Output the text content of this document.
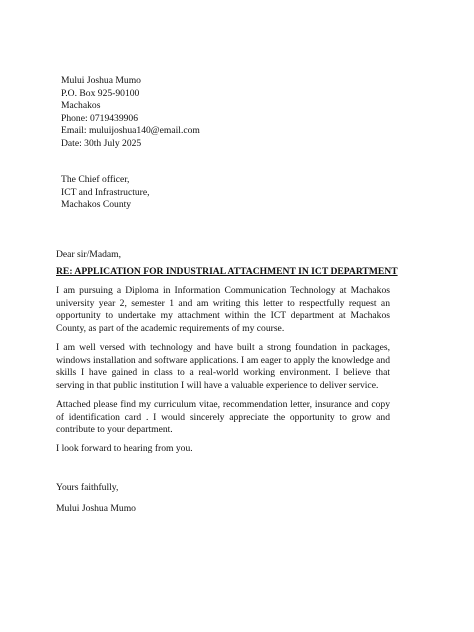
Mului Joshua Mumo
P.O. Box 925-90100
Machakos
Phone: 0719439906
Email: muluijoshua140@email.com
Date: 30th July 2025
The Chief officer,
ICT and Infrastructure,
Machakos County
Dear sir/Madam,
RE: APPLICATION FOR INDUSTRIAL ATTACHMENT IN ICT DEPARTMENT
I am pursuing a Diploma in Information Communication Technology at Machakos university year 2, semester 1 and am writing this letter to respectfully request an opportunity to undertake my attachment within the ICT department at Machakos County, as part of the academic requirements of my course.
I am well versed with technology and have built a strong foundation in packages, windows installation and software applications. I am eager to apply the knowledge and skills I have gained in class to a real-world working environment. I believe that serving in that public institution I will have a valuable experience to deliver service.
Attached please find my curriculum vitae, recommendation letter, insurance and copy of identification card . I would sincerely appreciate the opportunity to grow and contribute to your department.
I look forward to hearing from you.
Yours faithfully,
Mului Joshua Mumo
